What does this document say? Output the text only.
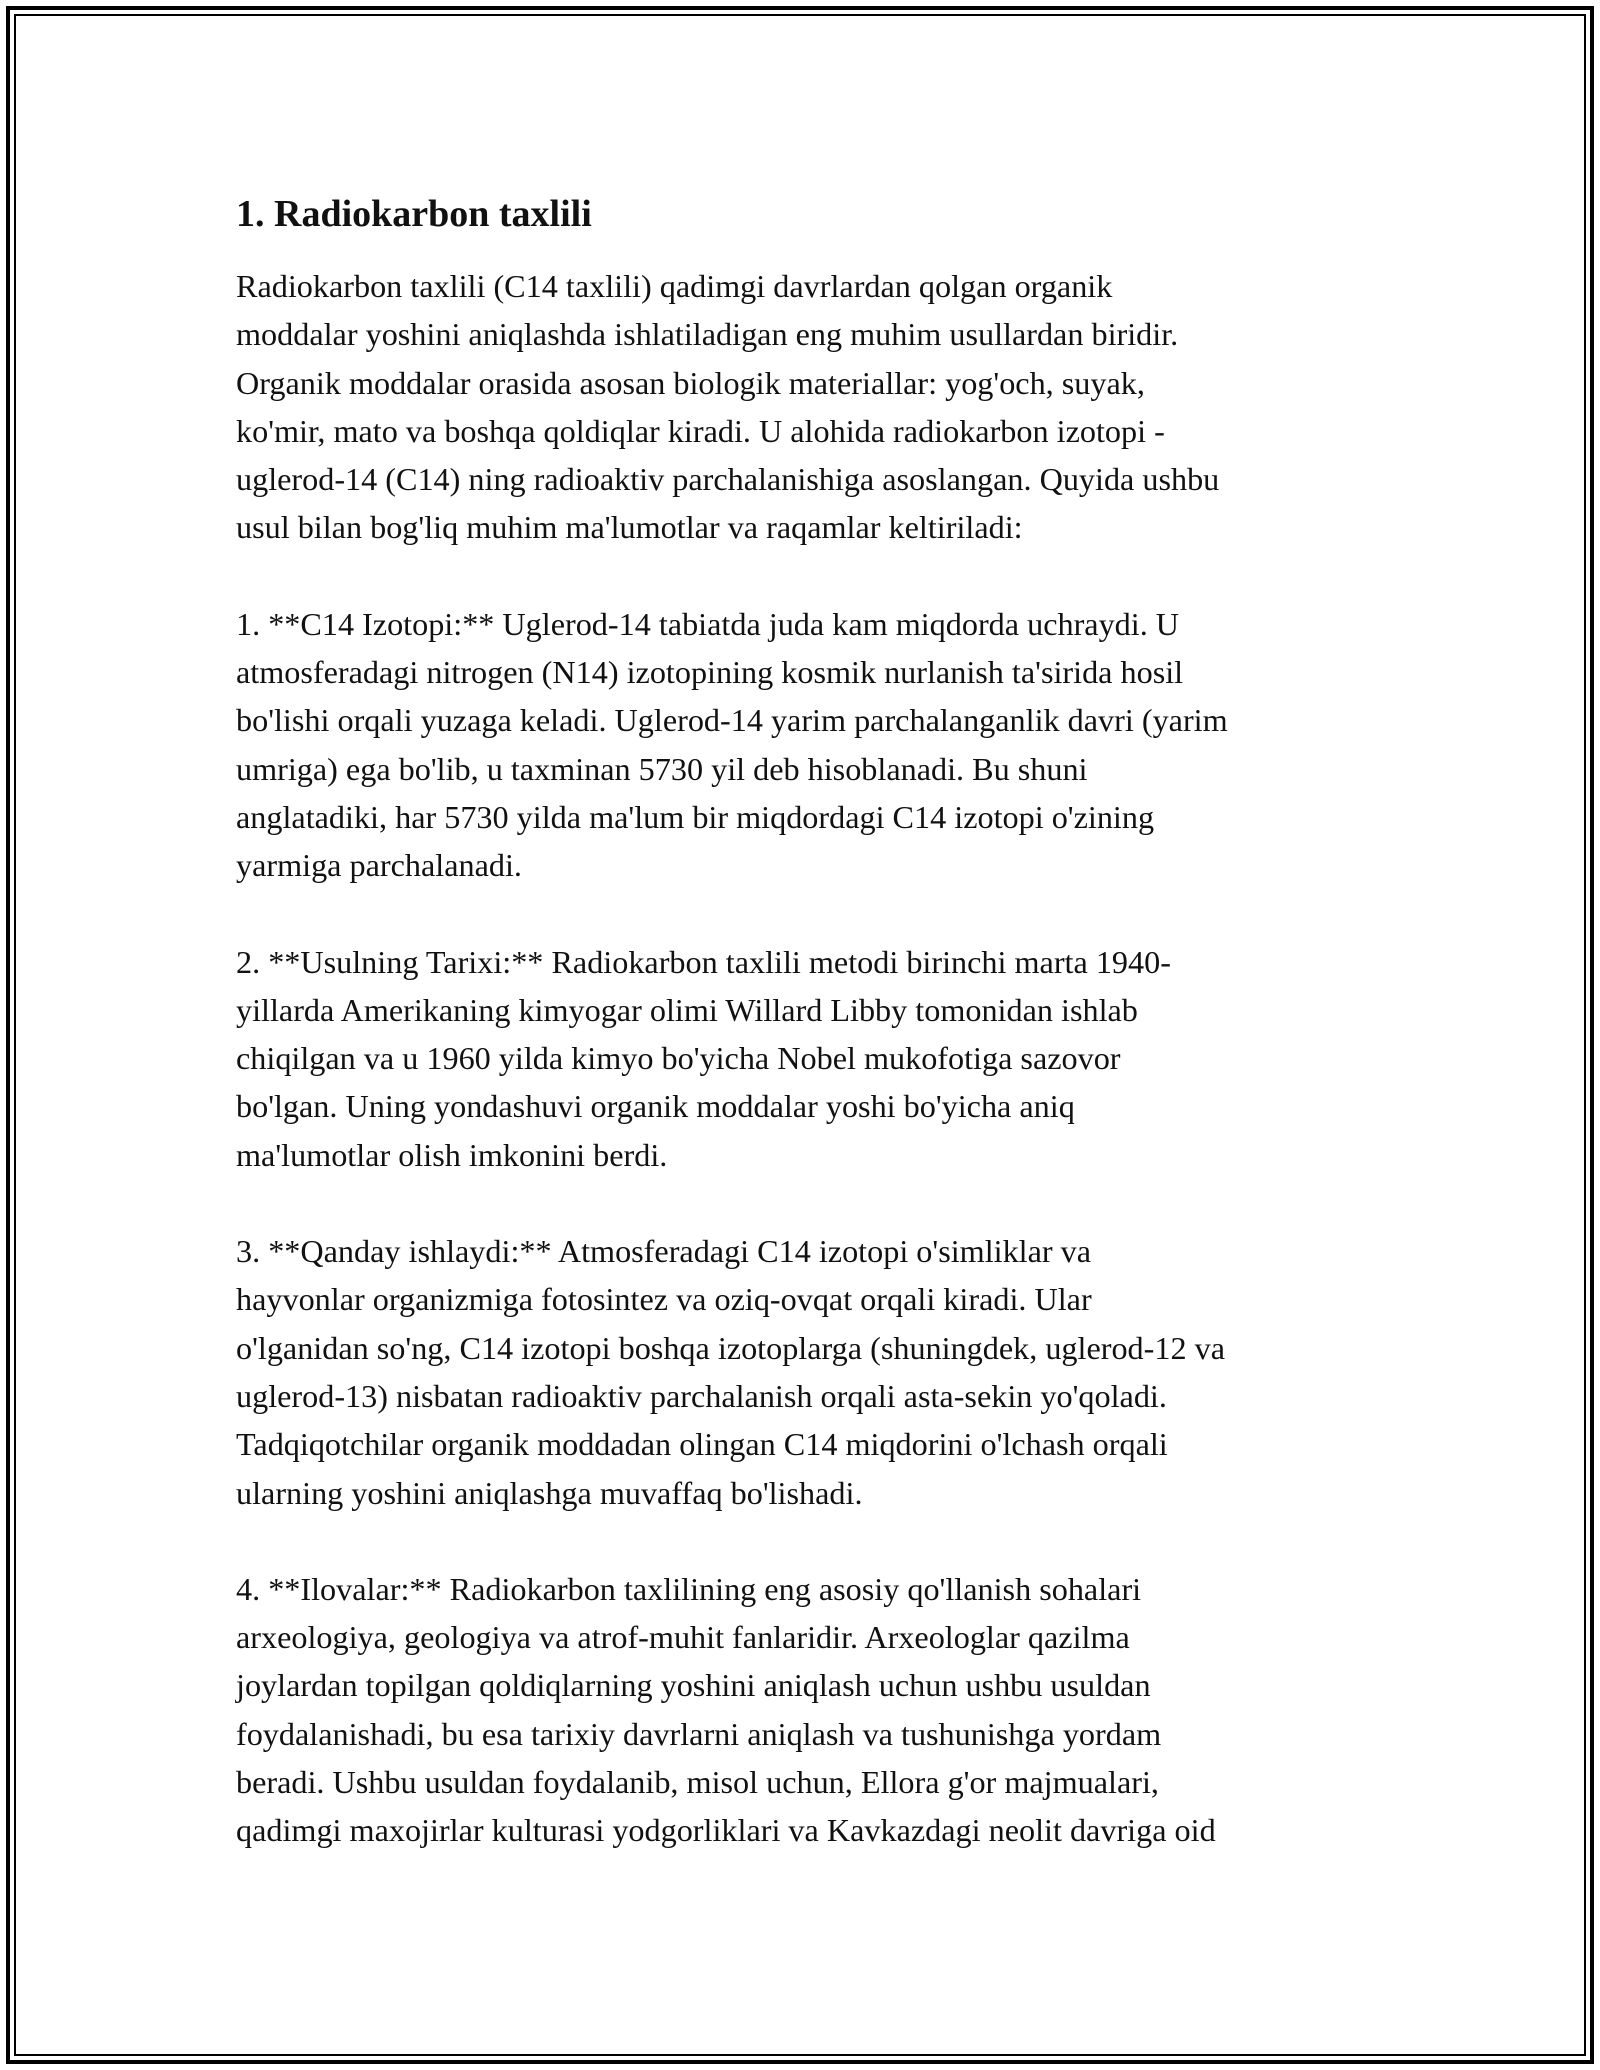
1. Radiokarbon taxlili

Radiokarbon taxlili (C14 taxlili) qadimgi davrlardan qolgan organik
moddalar yoshini aniqlashda ishlatiladigan eng muhim usullardan biridir.
Organik moddalar orasida asosan biologik materiallar: yog'och, suyak,
ko'mir, mato va boshqa qoldiqlar kiradi. U alohida radiokarbon izotopi -
uglerod-14 (C14) ning radioaktiv parchalanishiga asoslangan. Quyida ushbu
usul bilan bog'liq muhim ma'lumotlar va raqamlar keltiriladi:

1. **C14 Izotopi:** Uglerod-14 tabiatda juda kam miqdorda uchraydi. U
atmosferadagi nitrogen (N14) izotopining kosmik nurlanish ta'sirida hosil
bo'lishi orqali yuzaga keladi. Uglerod-14 yarim parchalanganlik davri (yarim
umriga) ega bo'lib, u taxminan 5730 yil deb hisoblanadi. Bu shuni
anglatadiki, har 5730 yilda ma'lum bir miqdordagi C14 izotopi o'zining
yarmiga parchalanadi.

2. **Usulning Tarixi:** Radiokarbon taxlili metodi birinchi marta 1940-
yillarda Amerikaning kimyogar olimi Willard Libby tomonidan ishlab
chiqilgan va u 1960 yilda kimyo bo'yicha Nobel mukofotiga sazovor
bo'lgan. Uning yondashuvi organik moddalar yoshi bo'yicha aniq
ma'lumotlar olish imkonini berdi.

3. **Qanday ishlaydi:** Atmosferadagi C14 izotopi o'simliklar va
hayvonlar organizmiga fotosintez va oziq-ovqat orqali kiradi. Ular
o'lganidan so'ng, C14 izotopi boshqa izotoplarga (shuningdek, uglerod-12 va
uglerod-13) nisbatan radioaktiv parchalanish orqali asta-sekin yo'qoladi.
Tadqiqotchilar organik moddadan olingan C14 miqdorini o'lchash orqali
ularning yoshini aniqlashga muvaffaq bo'lishadi.

4. **Ilovalar:** Radiokarbon taxlilining eng asosiy qo'llanish sohalari
arxeologiya, geologiya va atrof-muhit fanlaridir. Arxeologlar qazilma
joylardan topilgan qoldiqlarning yoshini aniqlash uchun ushbu usuldan
foydalanishadi, bu esa tarixiy davrlarni aniqlash va tushunishga yordam
beradi. Ushbu usuldan foydalanib, misol uchun, Ellora g'or majmualari,
qadimgi maxojirlar kulturasi yodgorliklari va Kavkazdagi neolit davriga oid
